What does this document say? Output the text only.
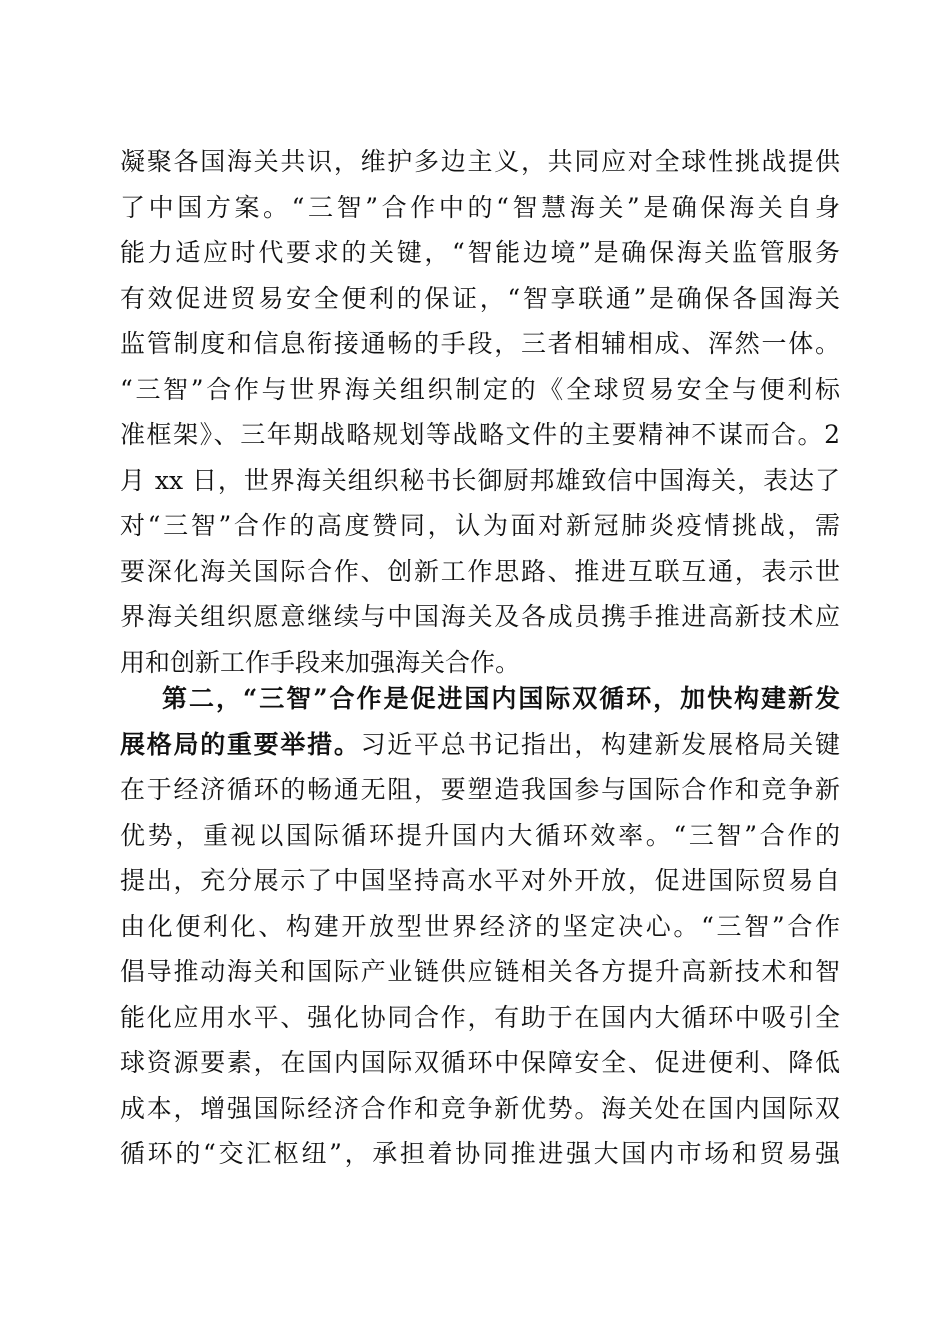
凝聚各国海关共识，维护多边主义，共同应对全球性挑战提供
了中国方案。“三智”合作中的“智慧海关”是确保海关自身
能力适应时代要求的关键，“智能边境”是确保海关监管服务
有效促进贸易安全便利的保证，“智享联通”是确保各国海关
监管制度和信息衔接通畅的手段，三者相辅相成、浑然一体。
“三智”合作与世界海关组织制定的《全球贸易安全与便利标
准框架》、三年期战略规划等战略文件的主要精神不谋而合。2
月 xx 日，世界海关组织秘书长御厨邦雄致信中国海关，表达了
对“三智”合作的高度赞同，认为面对新冠肺炎疫情挑战，需
要深化海关国际合作、创新工作思路、推进互联互通，表示世
界海关组织愿意继续与中国海关及各成员携手推进高新技术应
用和创新工作手段来加强海关合作。
第二，“三智”合作是促进国内国际双循环，加快构建新发
展格局的重要举措。习近平总书记指出，构建新发展格局关键
在于经济循环的畅通无阻，要塑造我国参与国际合作和竞争新
优势，重视以国际循环提升国内大循环效率。“三智”合作的
提出，充分展示了中国坚持高水平对外开放，促进国际贸易自
由化便利化、构建开放型世界经济的坚定决心。“三智”合作
倡导推动海关和国际产业链供应链相关各方提升高新技术和智
能化应用水平、强化协同合作，有助于在国内大循环中吸引全
球资源要素，在国内国际双循环中保障安全、促进便利、降低
成本，增强国际经济合作和竞争新优势。海关处在国内国际双
循环的“交汇枢纽”，承担着协同推进强大国内市场和贸易强
